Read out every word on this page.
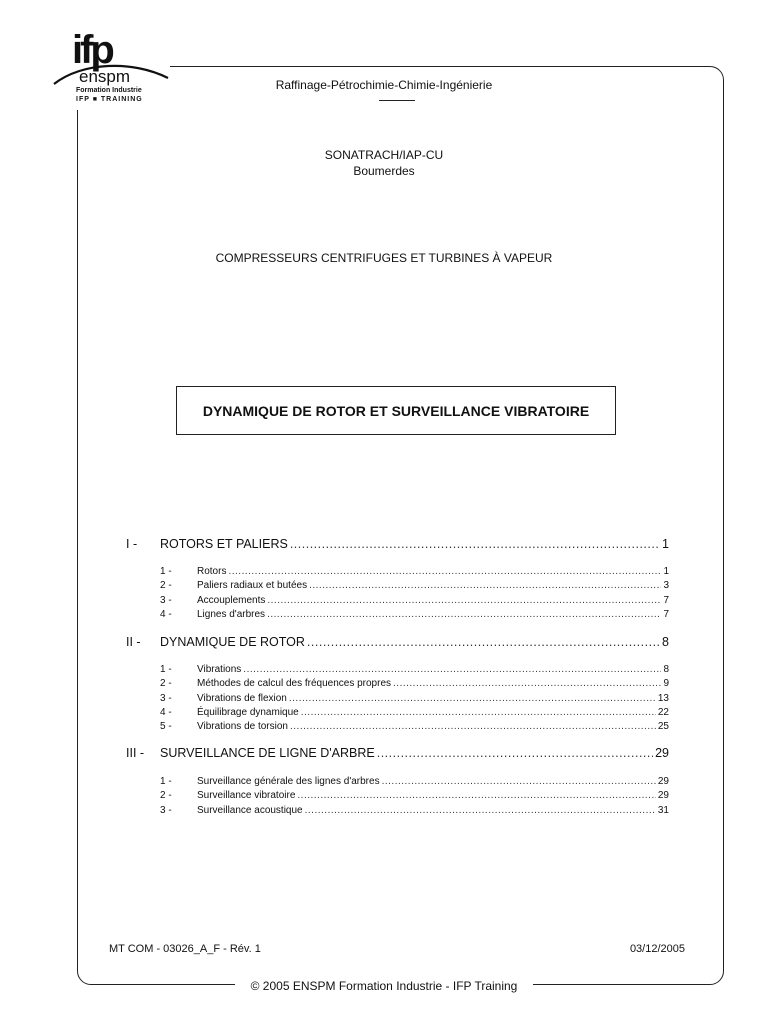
ifp
enspm
Formation Industrie
IFP ■ TRAINING
Raffinage-Pétrochimie-Chimie-Ingénierie
SONATRACH/IAP-CU
Boumerdes
COMPRESSEURS CENTRIFUGES ET TURBINES À VAPEUR
DYNAMIQUE DE ROTOR ET SURVEILLANCE VIBRATOIRE
I -	ROTORS ET PALIERS .....	1
1 -	Rotors .....	1
2 -	Paliers radiaux et butées .....	3
3 -	Accouplements .....	7
4 -	Lignes d'arbres .....	7
II -	DYNAMIQUE DE ROTOR .....	8
1 -	Vibrations .....	8
2 -	Méthodes de calcul des fréquences propres .....	9
3 -	Vibrations de flexion .....	13
4 -	Équilibrage dynamique .....	22
5 -	Vibrations de torsion .....	25
III -	SURVEILLANCE DE LIGNE D'ARBRE .....	29
1 -	Surveillance générale des lignes d'arbres .....	29
2 -	Surveillance vibratoire .....	29
3 -	Surveillance acoustique .....	31
MT COM - 03026_A_F - Rév. 1	03/12/2005
© 2005 ENSPM Formation Industrie - IFP Training
